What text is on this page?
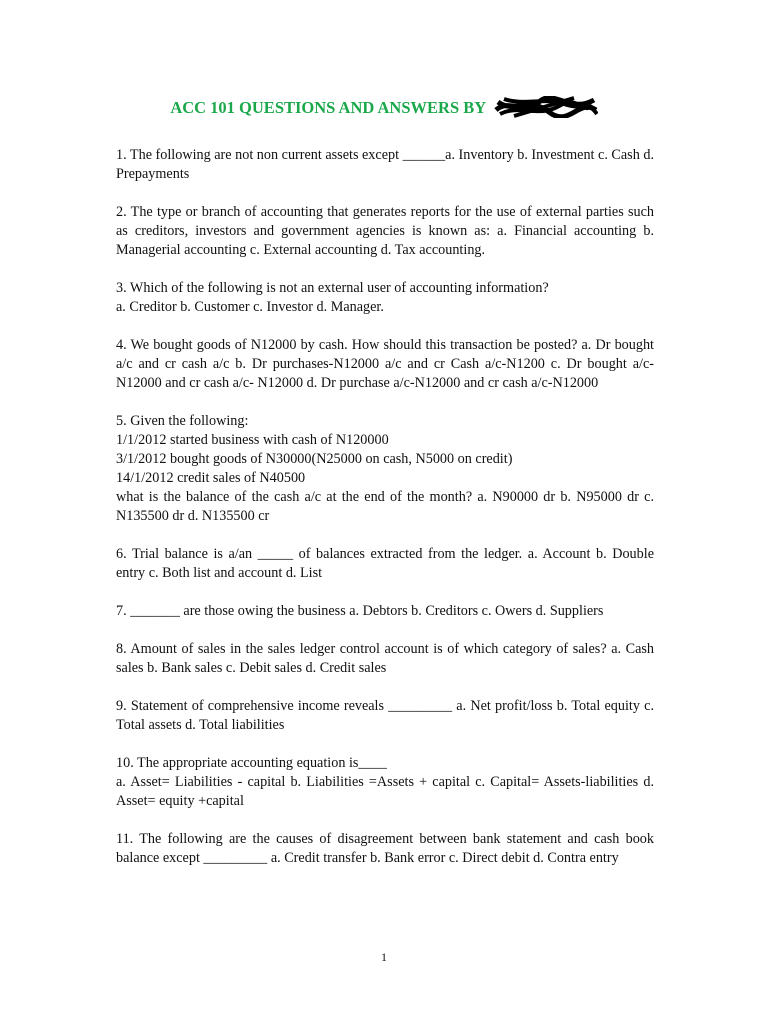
ACC 101 QUESTIONS AND ANSWERS BY

1. The following are not non current assets except ______a. Inventory b. Investment c. Cash d. Prepayments

2. The type or branch of accounting that generates reports for the use of external parties such as creditors, investors and government agencies is known as: a. Financial accounting b. Managerial accounting c. External accounting d. Tax accounting.

3. Which of the following is not an external user of accounting information?
a. Creditor b. Customer c. Investor d. Manager.

4. We bought goods of N12000 by cash. How should this transaction be posted? a. Dr bought a/c and cr cash a/c b. Dr purchases-N12000 a/c and cr Cash a/c-N1200 c. Dr bought a/c-N12000 and cr cash a/c- N12000 d. Dr purchase a/c-N12000 and cr cash a/c-N12000

5. Given the following:
1/1/2012 started business with cash of N120000
3/1/2012 bought goods of N30000(N25000 on cash, N5000 on credit)
14/1/2012 credit sales of N40500
what is the balance of the cash a/c at the end of the month? a. N90000 dr b. N95000 dr c. N135500 dr d. N135500 cr

6. Trial balance is a/an _____ of balances extracted from the ledger. a. Account b. Double entry c. Both list and account d. List

7. _______ are those owing the business a. Debtors b. Creditors c. Owers d. Suppliers

8. Amount of sales in the sales ledger control account is of which category of sales? a. Cash sales b. Bank sales c. Debit sales d. Credit sales

9. Statement of comprehensive income reveals _________ a. Net profit/loss b. Total equity c. Total assets d. Total liabilities

10. The appropriate accounting equation is____
a. Asset= Liabilities - capital b. Liabilities =Assets + capital c. Capital= Assets-liabilities d. Asset= equity +capital

11. The following are the causes of disagreement between bank statement and cash book balance except _________ a. Credit transfer b. Bank error c. Direct debit d. Contra entry

1
